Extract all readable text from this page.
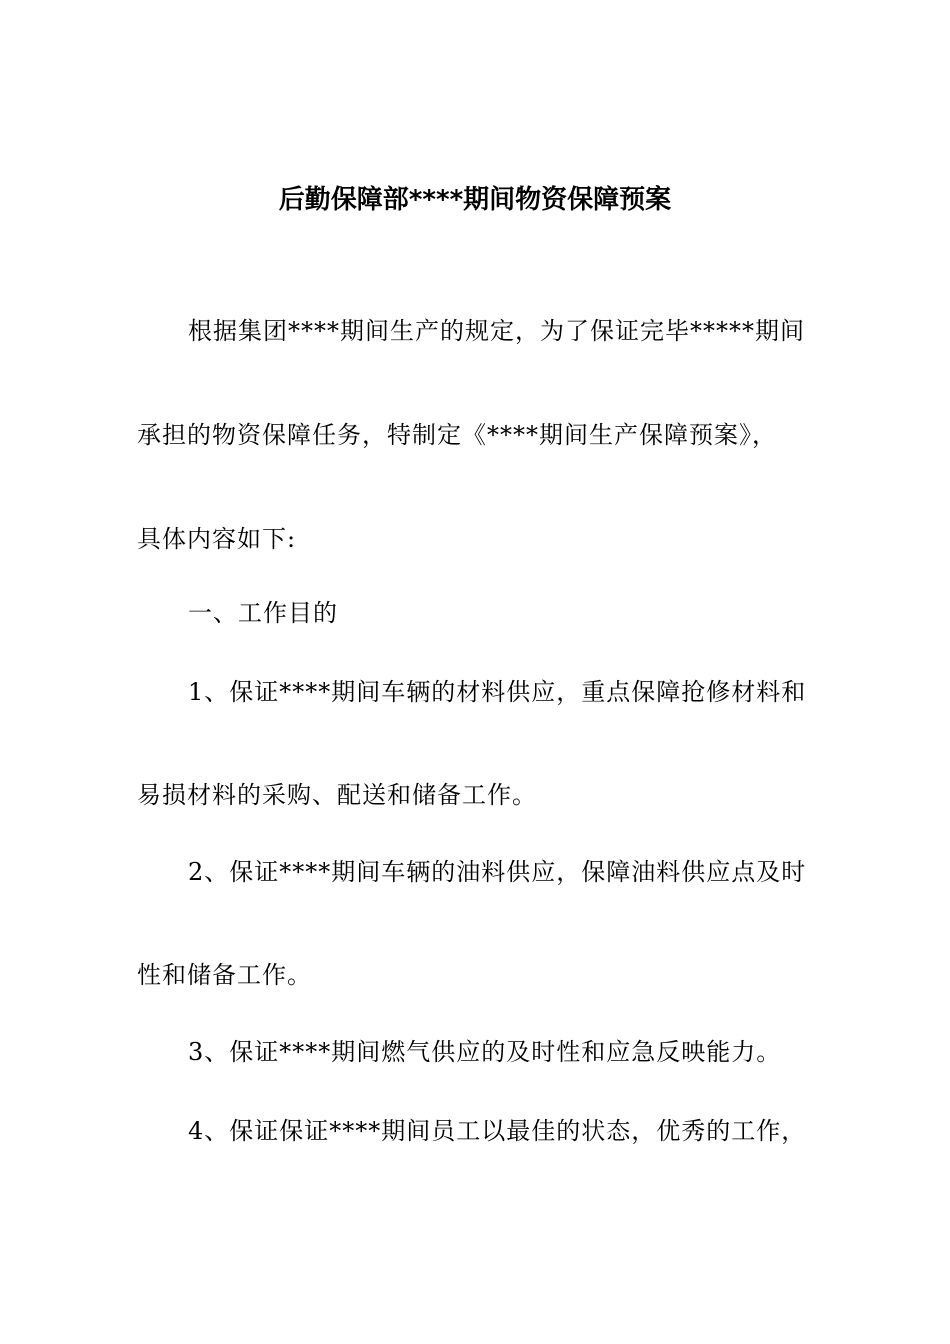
后勤保障部****期间物资保障预案
根据集团****期间生产的规定，为了保证完毕*****期间
承担的物资保障任务，特制定《****期间生产保障预案》，
具体内容如下:
一、工作目的
1、保证****期间车辆的材料供应，重点保障抢修材料和
易损材料的采购、配送和储备工作。
2、保证****期间车辆的油料供应，保障油料供应点及时
性和储备工作。
3、保证****期间燃气供应的及时性和应急反映能力。
4、保证保证****期间员工以最佳的状态，优秀的工作，
